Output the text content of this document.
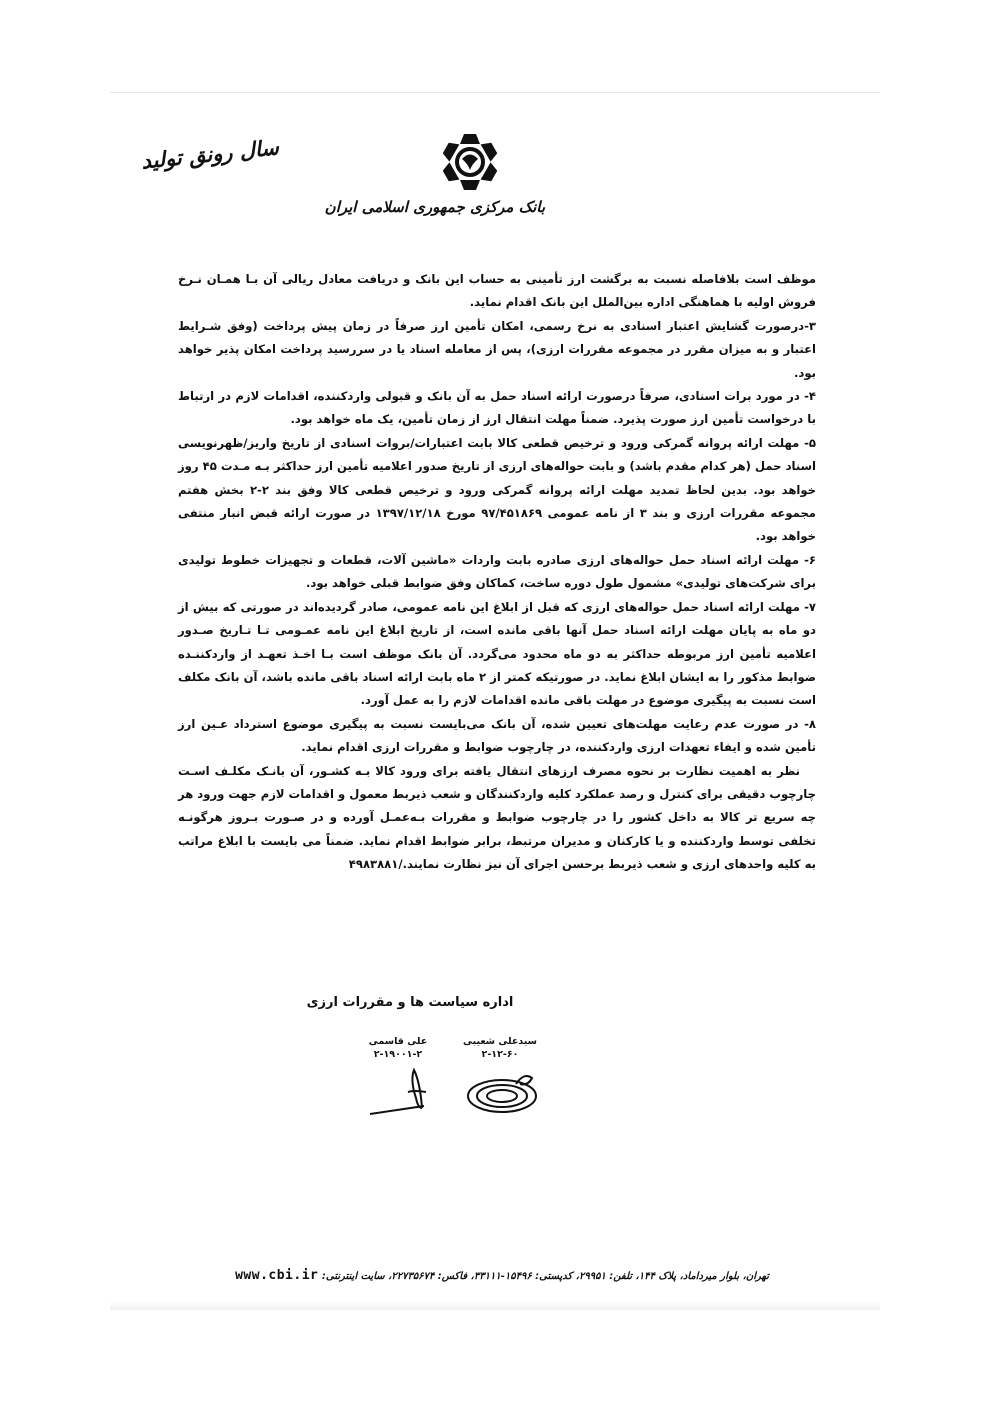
بانک مرکزی جمهوری اسلامی ایران
سال رونق تولید

موظف است بلافاصله نسبت به برگشت ارز تأمینی به حساب این بانک و دریافت معادل ریالی آن بـا همـان نـرخ فروش اولیه با هماهنگی اداره بین‌الملل این بانک اقدام نماید.

۳-درصورت گشایش اعتبار اسنادی به نرخ رسمی، امکان تأمین ارز صرفاً در زمان پیش پرداخت (وفق شـرایط اعتبار و به میزان مقرر در مجموعه مقررات ارزی)، پس از معامله اسناد یا در سررسید پرداخت امکان پذیر خواهد بود.

۴- در مورد برات اسنادی، صرفاً درصورت ارائه اسناد حمل به آن بانک و قبولی واردکننده، اقدامات لازم در ارتباط با درخواست تأمین ارز صورت پذیرد. ضمناً مهلت انتقال ارز از زمان تأمین، یک ماه خواهد بود.

۵- مهلت ارائه پروانه گمرکی ورود و ترخیص قطعی کالا بابت اعتبارات/بروات اسنادی از تاریخ واریز/ظهرنویسی اسناد حمل (هر کدام مقدم باشد) و بابت حواله‌های ارزی از تاریخ صدور اعلامیه تأمین ارز حداکثر بـه مـدت ۴۵ روز خواهد بود. بدین لحاظ تمدید مهلت ارائه پروانه گمرکی ورود و ترخیص قطعی کالا وفق بند ۲-۲ بخش هفتم مجموعه مقررات ارزی و بند ۳ از نامه عمومی ۹۷/۴۵۱۸۶۹ مورخ ۱۳۹۷/۱۲/۱۸ در صورت ارائه قبض انبار منتفی خواهد بود.

۶- مهلت ارائه اسناد حمل حواله‌های ارزی صادره بابت واردات «ماشین آلات، قطعات و تجهیزات خطوط تولیدی برای شرکت‌های تولیدی» مشمول طول دوره ساخت، کماکان وفق ضوابط قبلی خواهد بود.

۷- مهلت ارائه اسناد حمل حواله‌های ارزی که قبل از ابلاغ این نامه عمومی، صادر گردیده‌اند در صورتی که بیش از دو ماه به پایان مهلت ارائه اسناد حمل آنها باقی مانده است، از تاریخ ابلاغ این نامه عمـومی تـا تـاریخ صـدور اعلامیه تأمین ارز مربوطه حداکثر به دو ماه محدود می‌گردد. آن بانک موظف است بـا اخـذ تعهـد از واردکننـده ضوابط مذکور را به ایشان ابلاغ نماید. در صورتیکه کمتر از ۲ ماه بابت ارائه اسناد باقی مانده باشد، آن بانک مکلف است نسبت به پیگیری موضوع در مهلت باقی مانده اقدامات لازم را به عمل آورد.

۸- در صورت عدم رعایت مهلت‌های تعیین شده، آن بانک می‌بایست نسبت به پیگیری موضوع استرداد عـین ارز تأمین شده و ایفاء تعهدات ارزی واردکننده، در چارچوب ضوابط و مقررات ارزی اقدام نماید.

نظر به اهمیت نظارت بر نحوه مصرف ارزهای انتقال یافته برای ورود کالا بـه کشـور، آن بانـک مکلـف اسـت چارچوب دقیقی برای کنترل و رصد عملکرد کلیه واردکنندگان و شعب ذیربط معمول و اقدامات لازم جهت ورود هر چه سریع تر کالا به داخل کشور را در چارچوب ضوابط و مقررات بـه‌عمـل آورده و در صـورت بـروز هرگونـه تخلفی توسط واردکننده و یا کارکنان و مدیران مرتبط، برابر ضوابط اقدام نماید. ضمناً می بایست با ابلاغ مراتب به کلیه واحدهای ارزی و شعب ذیربط برحسن اجرای آن نیز نظارت نمایند./۴۹۸۳۸۸۱

اداره سیاست ها و مقررات ارزی
سیدعلی شعیبی
۲-۱۲-۶۰
علی قاسمی
۲-۱۹۰۰۱-۲
تهران، بلوار میرداماد، پلاک ۱۴۴، تلفن: ۲۹۹۵۱، کدپستی: ۱۵۴۹۶-۳۳۱۱۱، فاکس: ۲۲۷۳۵۶۷۴، سایت اینترنتی: www.cbi.ir
